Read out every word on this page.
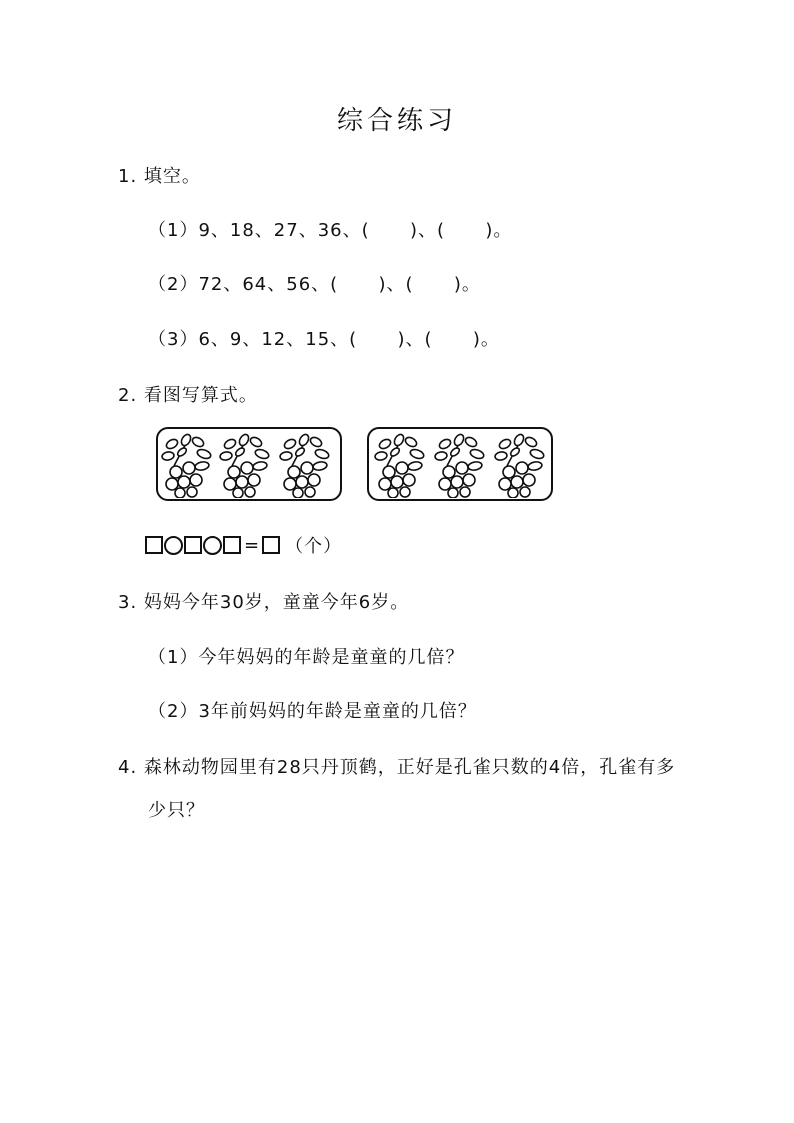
综合练习
1. 填空。
（1）9、18、27、36、(      )、(      )。
（2）72、64、56、(      )、(      )。
（3）6、9、12、15、(      )、(      )。
2. 看图写算式。
= （个）
3. 妈妈今年30岁，童童今年6岁。
（1）今年妈妈的年龄是童童的几倍？
（2）3年前妈妈的年龄是童童的几倍？
4. 森林动物园里有28只丹顶鹤，正好是孔雀只数的4倍，孔雀有多
少只？
